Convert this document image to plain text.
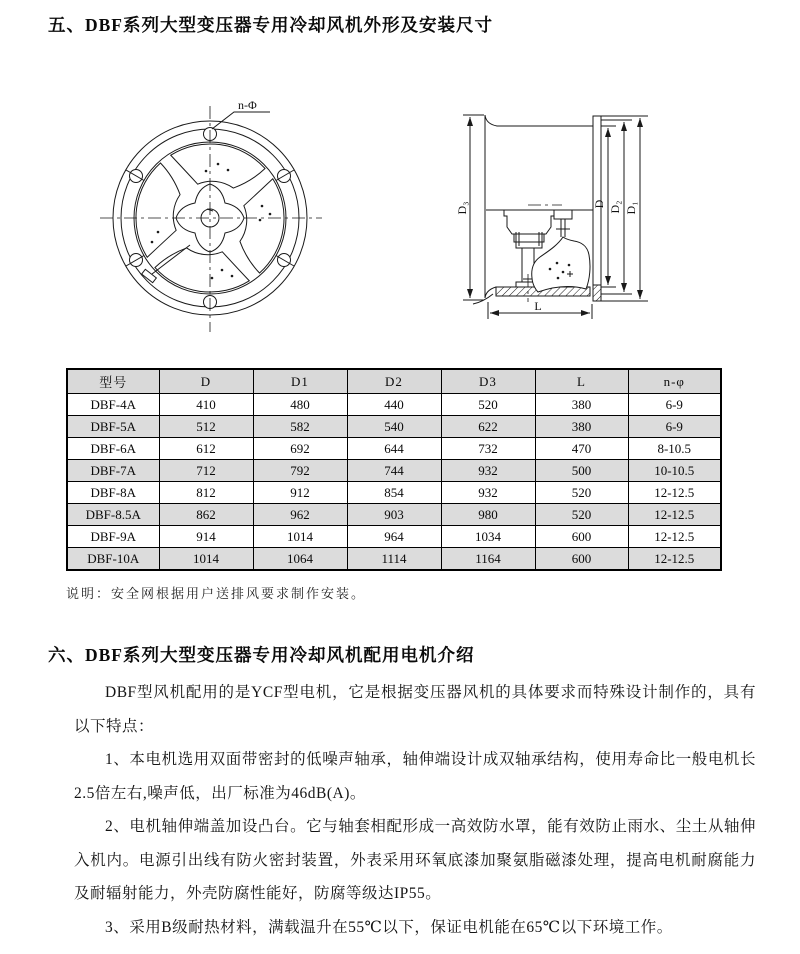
五、DBF系列大型变压器专用冷却风机外形及安装尺寸
n-Φ
D₃	D D₂ D₁
L
型号	D	D1	D2	D3	L	n-φ
DBF-4A	410	480	440	520	380	6-9
DBF-5A	512	582	540	622	380	6-9
DBF-6A	612	692	644	732	470	8-10.5
DBF-7A	712	792	744	932	500	10-10.5
DBF-8A	812	912	854	932	520	12-12.5
DBF-8.5A	862	962	903	980	520	12-12.5
DBF-9A	914	1014	964	1034	600	12-12.5
DBF-10A	1014	1064	1114	1164	600	12-12.5
说明：安全网根据用户送排风要求制作安装。
六、DBF系列大型变压器专用冷却风机配用电机介绍

DBF型风机配用的是YCF型电机，它是根据变压器风机的具体要求而特殊设计制作的，具有以下特点：

1、本电机选用双面带密封的低噪声轴承，轴伸端设计成双轴承结构，使用寿命比一般电机长2.5倍左右,噪声低，出厂标准为46dB(A)。

2、电机轴伸端盖加设凸台。它与轴套相配形成一高效防水罩，能有效防止雨水、尘土从轴伸入机内。电源引出线有防火密封装置，外表采用环氧底漆加聚氨脂磁漆处理，提高电机耐腐能力及耐辐射能力，外壳防腐性能好，防腐等级达IP55。

3、采用B级耐热材料，满载温升在55℃以下，保证电机能在65℃以下环境工作。
